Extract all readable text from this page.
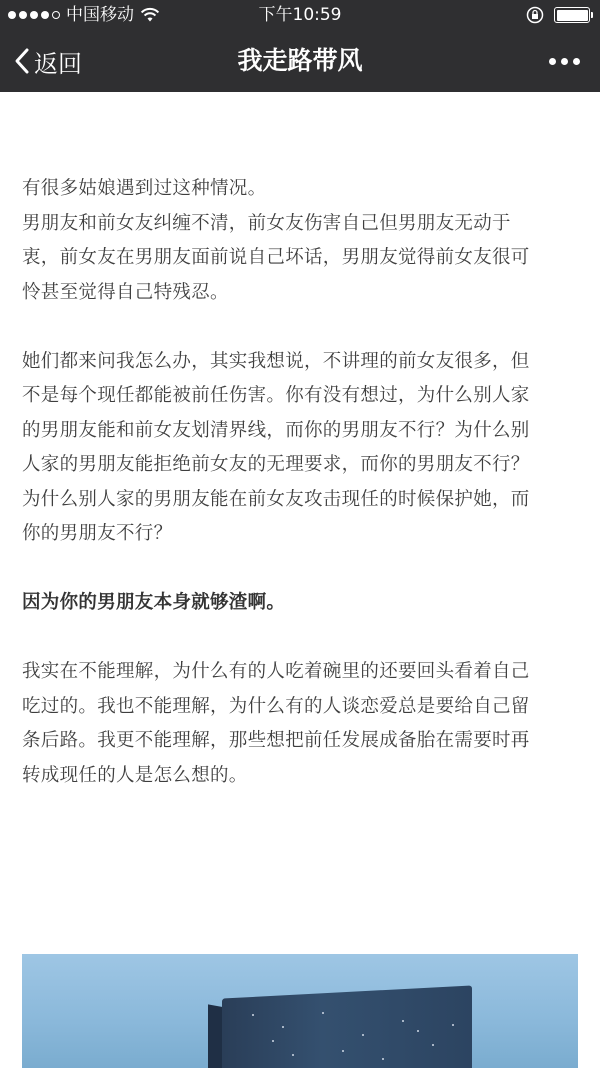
中国移动	下午10:59
我走路带风
返回

有很多姑娘遇到过这种情况。

男朋友和前女友纠缠不清，前女友伤害自己但男朋友无动于

衷，前女友在男朋友面前说自己坏话，男朋友觉得前女友很可

怜甚至觉得自己特残忍。

她们都来问我怎么办，其实我想说，不讲理的前女友很多，但

不是每个现任都能被前任伤害。你有没有想过，为什么别人家

的男朋友能和前女友划清界线，而你的男朋友不行？为什么别

人家的男朋友能拒绝前女友的无理要求，而你的男朋友不行？

为什么别人家的男朋友能在前女友攻击现任的时候保护她，而

你的男朋友不行？

因为你的男朋友本身就够渣啊。

我实在不能理解，为什么有的人吃着碗里的还要回头看着自己

吃过的。我也不能理解，为什么有的人谈恋爱总是要给自己留

条后路。我更不能理解，那些想把前任发展成备胎在需要时再

转成现任的人是怎么想的。
